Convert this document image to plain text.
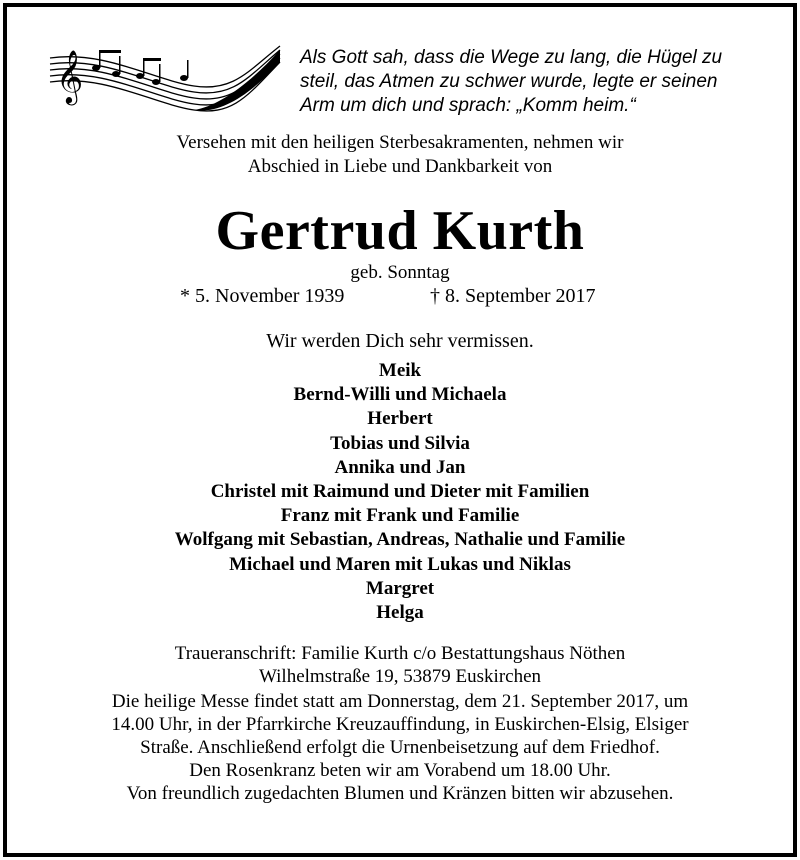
𝄞	Als Gott sah, dass die Wege zu lang, die Hügel zu
steil, das Atmen zu schwer wurde, legte er seinen
Arm um dich und sprach: „Komm heim.“
Versehen mit den heiligen Sterbesakramenten, nehmen wir
Abschied in Liebe und Dankbarkeit von
Gertrud Kurth
geb. Sonntag
* 5. November 1939	† 8. September 2017
Wir werden Dich sehr vermissen.
Meik
Bernd-Willi und Michaela
Herbert
Tobias und Silvia
Annika und Jan
Christel mit Raimund und Dieter mit Familien
Franz mit Frank und Familie
Wolfgang mit Sebastian, Andreas, Nathalie und Familie
Michael und Maren mit Lukas und Niklas
Margret
Helga
Traueranschrift: Familie Kurth c/o Bestattungshaus Nöthen
Wilhelmstraße 19, 53879 Euskirchen
Die heilige Messe findet statt am Donnerstag, dem 21. September 2017, um
14.00 Uhr, in der Pfarrkirche Kreuzauffindung, in Euskirchen-Elsig, Elsiger
Straße. Anschließend erfolgt die Urnenbeisetzung auf dem Friedhof.
Den Rosenkranz beten wir am Vorabend um 18.00 Uhr.
Von freundlich zugedachten Blumen und Kränzen bitten wir abzusehen.
